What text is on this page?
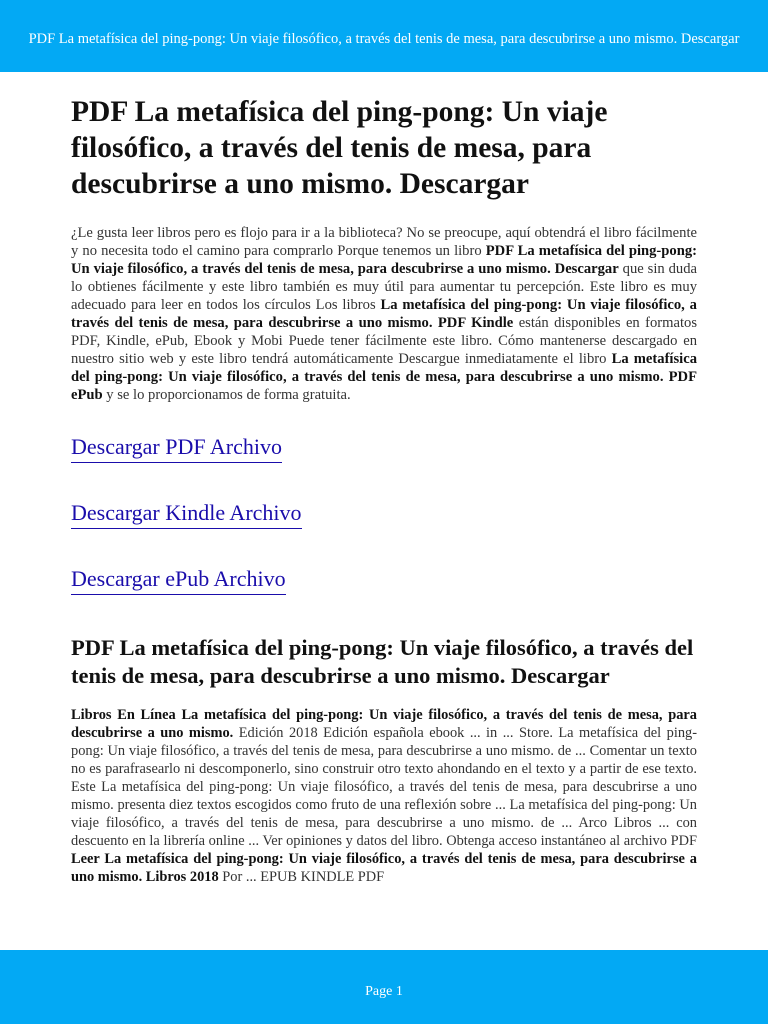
PDF La metafísica del ping-pong: Un viaje filosófico, a través del tenis de mesa, para descubrirse a uno mismo. Descargar
PDF La metafísica del ping-pong: Un viaje filosófico, a través del tenis de mesa, para descubrirse a uno mismo. Descargar

¿Le gusta leer libros pero es flojo para ir a la biblioteca? No se preocupe, aquí obtendrá el libro fácilmente y no necesita todo el camino para comprarlo Porque tenemos un libro PDF La metafísica del ping-pong: Un viaje filosófico, a través del tenis de mesa, para descubrirse a uno mismo. Descargar que sin duda lo obtienes fácilmente y este libro también es muy útil para aumentar tu percepción. Este libro es muy adecuado para leer en todos los círculos Los libros La metafísica del ping-pong: Un viaje filosófico, a través del tenis de mesa, para descubrirse a uno mismo. PDF Kindle están disponibles en formatos PDF, Kindle, ePub, Ebook y Mobi Puede tener fácilmente este libro. Cómo mantenerse descargado en nuestro sitio web y este libro tendrá automáticamente Descargue inmediatamente el libro La metafísica del ping-pong: Un viaje filosófico, a través del tenis de mesa, para descubrirse a uno mismo. PDF ePub y se lo proporcionamos de forma gratuita.

Descargar PDF Archivo
Descargar Kindle Archivo
Descargar ePub Archivo
PDF La metafísica del ping-pong: Un viaje filosófico, a través del tenis de mesa, para descubrirse a uno mismo. Descargar

Libros En Línea La metafísica del ping-pong: Un viaje filosófico, a través del tenis de mesa, para descubrirse a uno mismo. Edición 2018 Edición española ebook ... in ... Store. La metafísica del ping-pong: Un viaje filosófico, a través del tenis de mesa, para descubrirse a uno mismo. de ... Comentar un texto no es parafrasearlo ni descomponerlo, sino construir otro texto ahondando en el texto y a partir de ese texto. Este La metafísica del ping-pong: Un viaje filosófico, a través del tenis de mesa, para descubrirse a uno mismo. presenta diez textos escogidos como fruto de una reflexión sobre ... La metafísica del ping-pong: Un viaje filosófico, a través del tenis de mesa, para descubrirse a uno mismo. de ... Arco Libros ... con descuento en la librería online ... Ver opiniones y datos del libro. Obtenga acceso instantáneo al archivo PDF Leer La metafísica del ping-pong: Un viaje filosófico, a través del tenis de mesa, para descubrirse a uno mismo. Libros 2018 Por ... EPUB KINDLE PDF

Page 1
